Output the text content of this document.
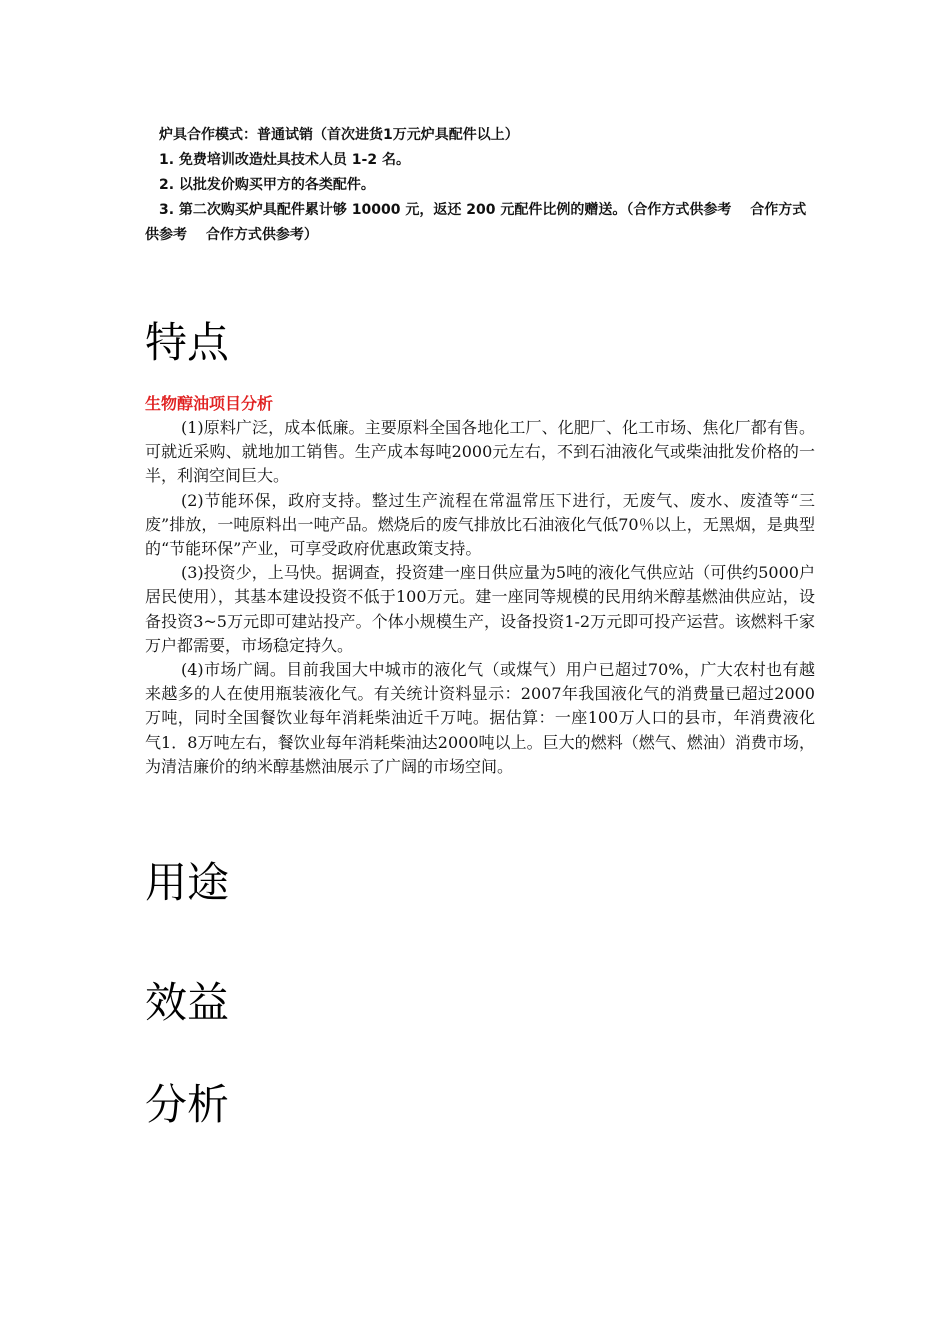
炉具合作模式：普通试销（首次进货1万元炉具配件以上）

1. 免费培训改造灶具技术人员 1-2 名。

2. 以批发价购买甲方的各类配件。

3. 第二次购买炉具配件累计够 10000 元，返还 200 元配件比例的赠送。（合作方式供参考　 合作方式供参考　 合作方式供参考）

特点

生物醇油项目分析

(1)原料广泛，成本低廉。主要原料全国各地化工厂、化肥厂、化工市场、焦化厂都有售。可就近采购、就地加工销售。生产成本每吨2000元左右，不到石油液化气或柴油批发价格的一半，利润空间巨大。

(2)节能环保，政府支持。整过生产流程在常温常压下进行，无废气、废水、废渣等“三废”排放，一吨原料出一吨产品。燃烧后的废气排放比石油液化气低70％以上，无黑烟，是典型的“节能环保”产业，可享受政府优惠政策支持。

(3)投资少，上马快。据调查，投资建一座日供应量为5吨的液化气供应站（可供约5000户居民使用），其基本建设投资不低于100万元。建一座同等规模的民用纳米醇基燃油供应站，设备投资3~5万元即可建站投产。个体小规模生产，设备投资1-2万元即可投产运营。该燃料千家万户都需要，市场稳定持久。

(4)市场广阔。目前我国大中城市的液化气（或煤气）用户已超过70%，广大农村也有越来越多的人在使用瓶装液化气。有关统计资料显示：2007年我国液化气的消费量已超过2000万吨，同时全国餐饮业每年消耗柴油近千万吨。据估算：一座100万人口的县市，年消费液化气1．8万吨左右，餐饮业每年消耗柴油达2000吨以上。巨大的燃料（燃气、燃油）消费市场，为清洁廉价的纳米醇基燃油展示了广阔的市场空间。

用途
效益
分析
